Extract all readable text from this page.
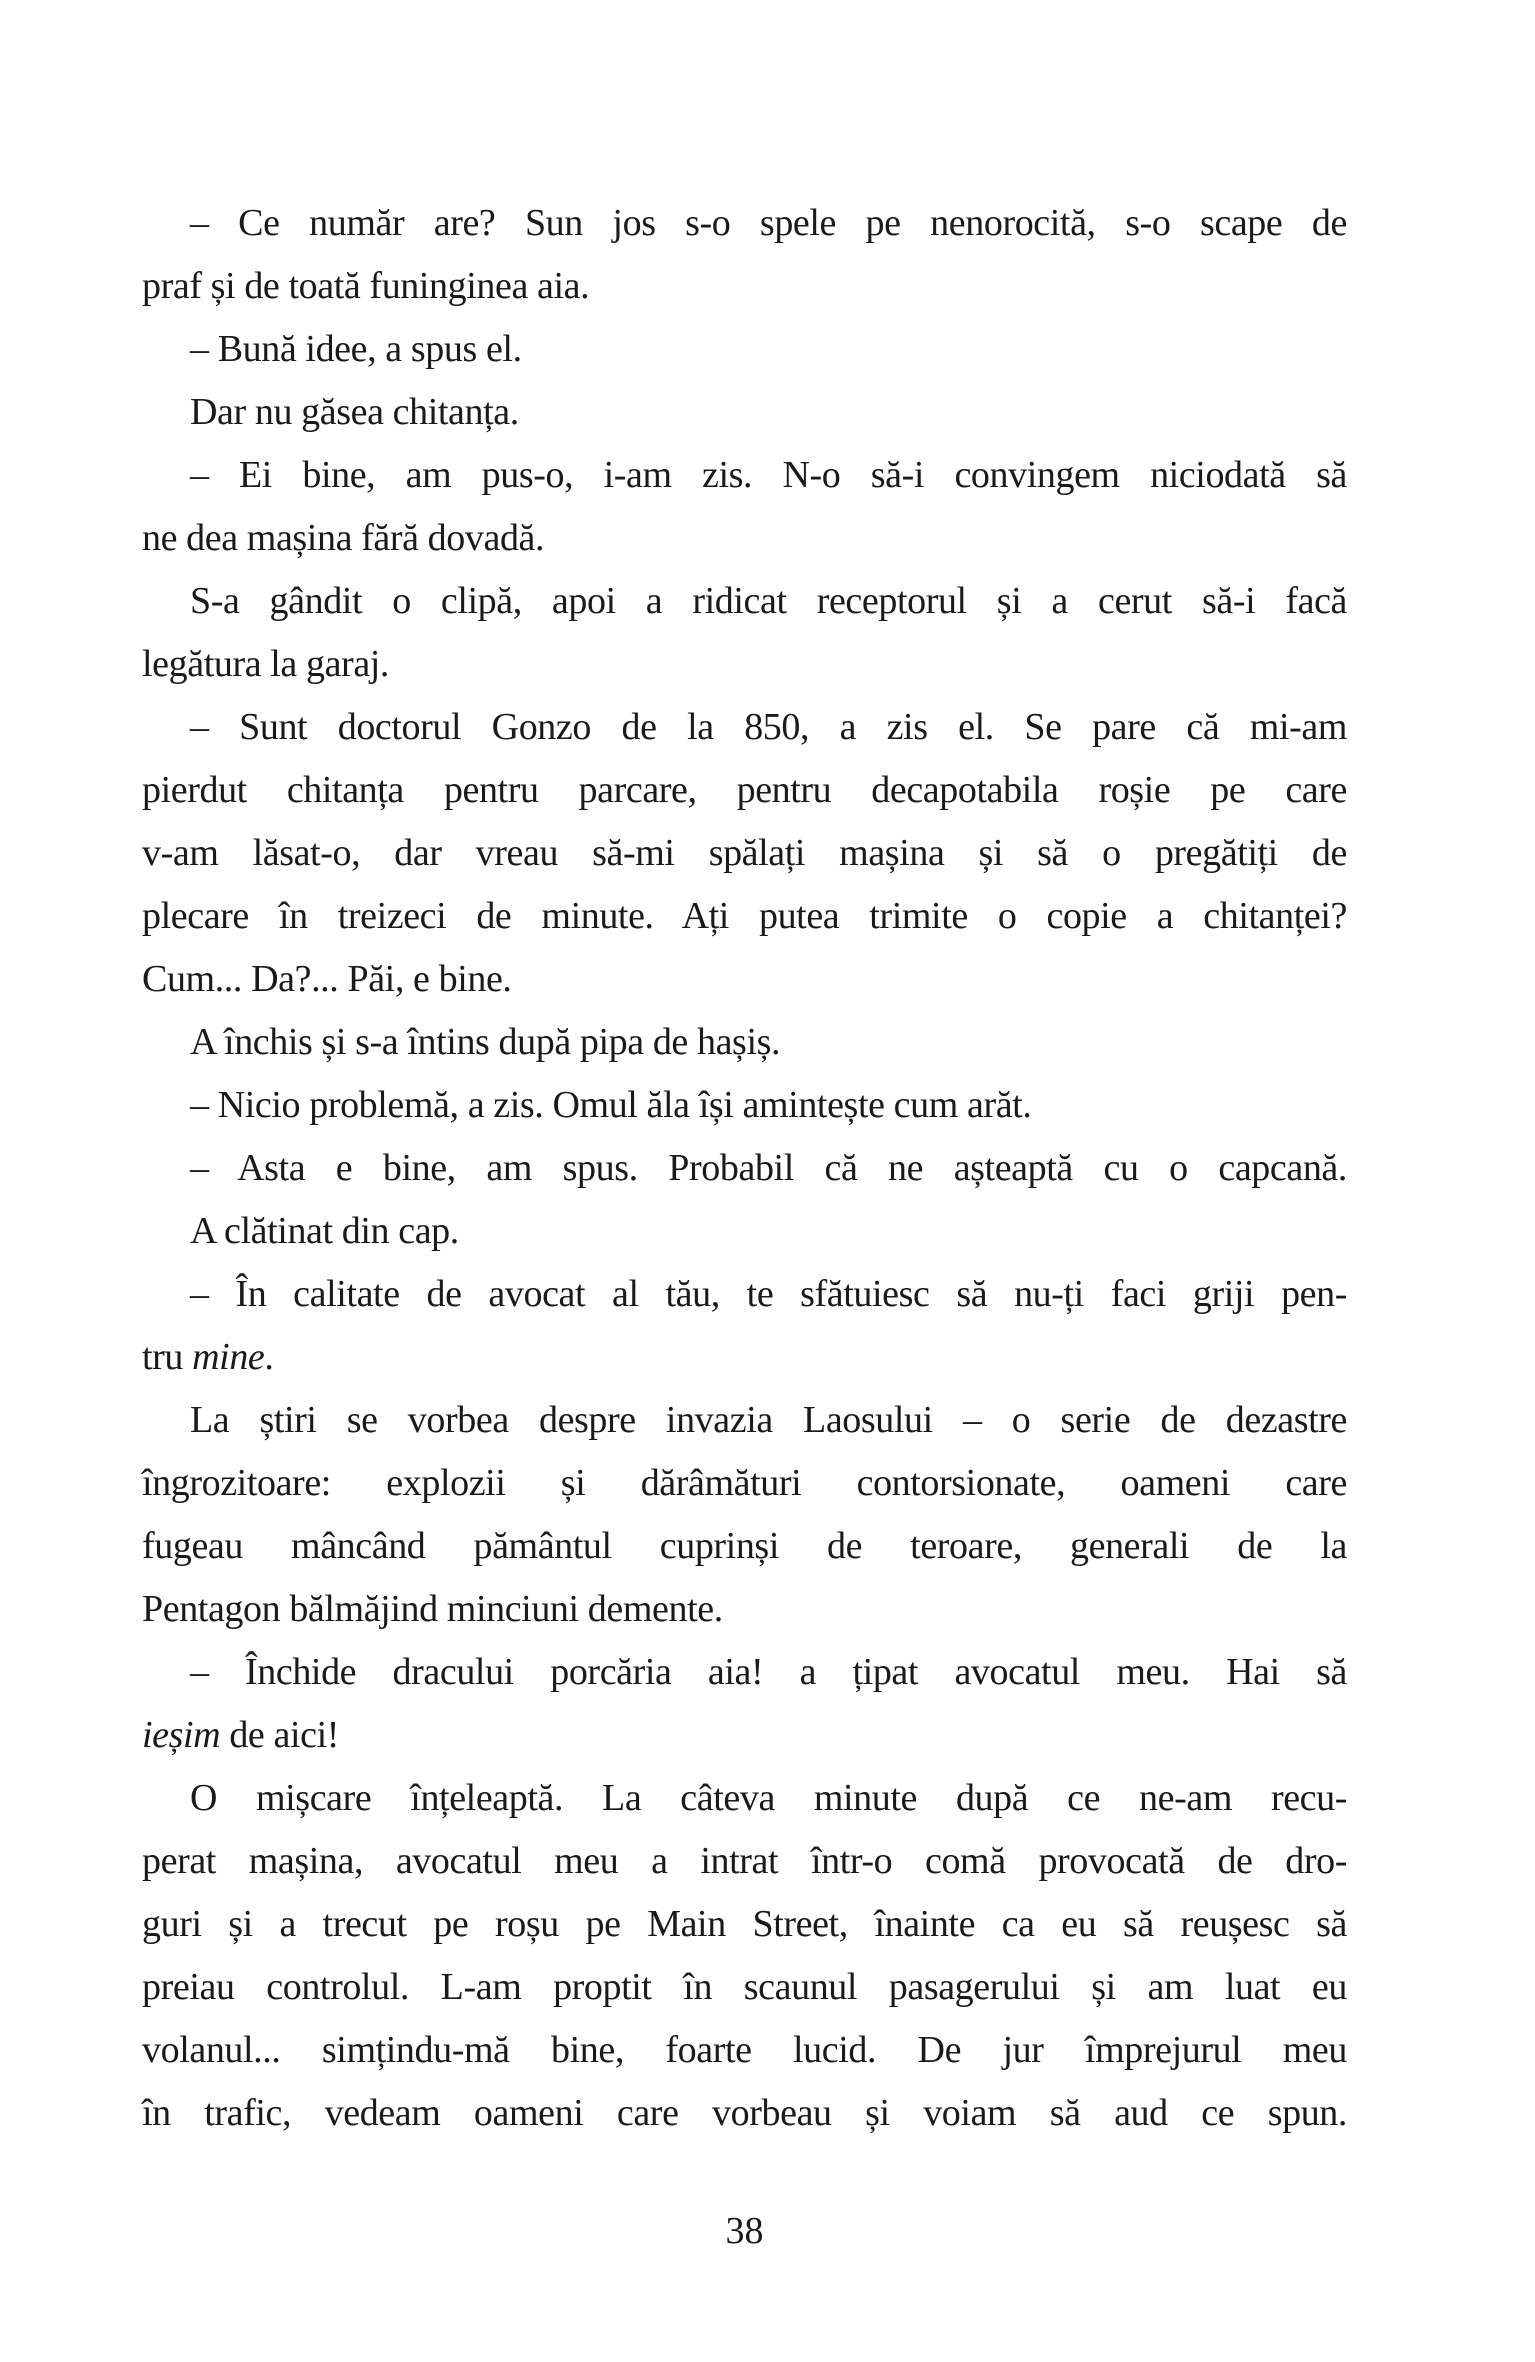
– Ce număr are? Sun jos s-o spele pe nenorocită, s-o scape de
praf și de toată funinginea aia.
– Bună idee, a spus el.
Dar nu găsea chitanța.
– Ei bine, am pus-o, i-am zis. N-o să-i convingem niciodată să
ne dea mașina fără dovadă.
S-a gândit o clipă, apoi a ridicat receptorul și a cerut să-i facă
legătura la garaj.
– Sunt doctorul Gonzo de la 850, a zis el. Se pare că mi-am
pierdut chitanța pentru parcare, pentru decapotabila roșie pe care
v-am lăsat-o, dar vreau să-mi spălați mașina și să o pregătiți de
plecare în treizeci de minute. Ați putea trimite o copie a chitanței?
Cum... Da?... Păi, e bine.
A închis și s-a întins după pipa de hașiș.
– Nicio problemă, a zis. Omul ăla își amintește cum arăt.
– Asta e bine, am spus. Probabil că ne așteaptă cu o capcană.
A clătinat din cap.
– În calitate de avocat al tău, te sfătuiesc să nu-ți faci griji pen-
tru mine.
La știri se vorbea despre invazia Laosului – o serie de dezastre
îngrozitoare: explozii și dărâmături contorsionate, oameni care
fugeau mâncând pământul cuprinși de teroare, generali de la
Pentagon bălmăjind minciuni demente.
– Închide dracului porcăria aia! a țipat avocatul meu. Hai să
ieșim de aici!
O mișcare înțeleaptă. La câteva minute după ce ne-am recu-
perat mașina, avocatul meu a intrat într-o comă provocată de dro-
guri și a trecut pe roșu pe Main Street, înainte ca eu să reușesc să
preiau controlul. L-am proptit în scaunul pasagerului și am luat eu
volanul... simțindu-mă bine, foarte lucid. De jur împrejurul meu
în trafic, vedeam oameni care vorbeau și voiam să aud ce spun.
38
